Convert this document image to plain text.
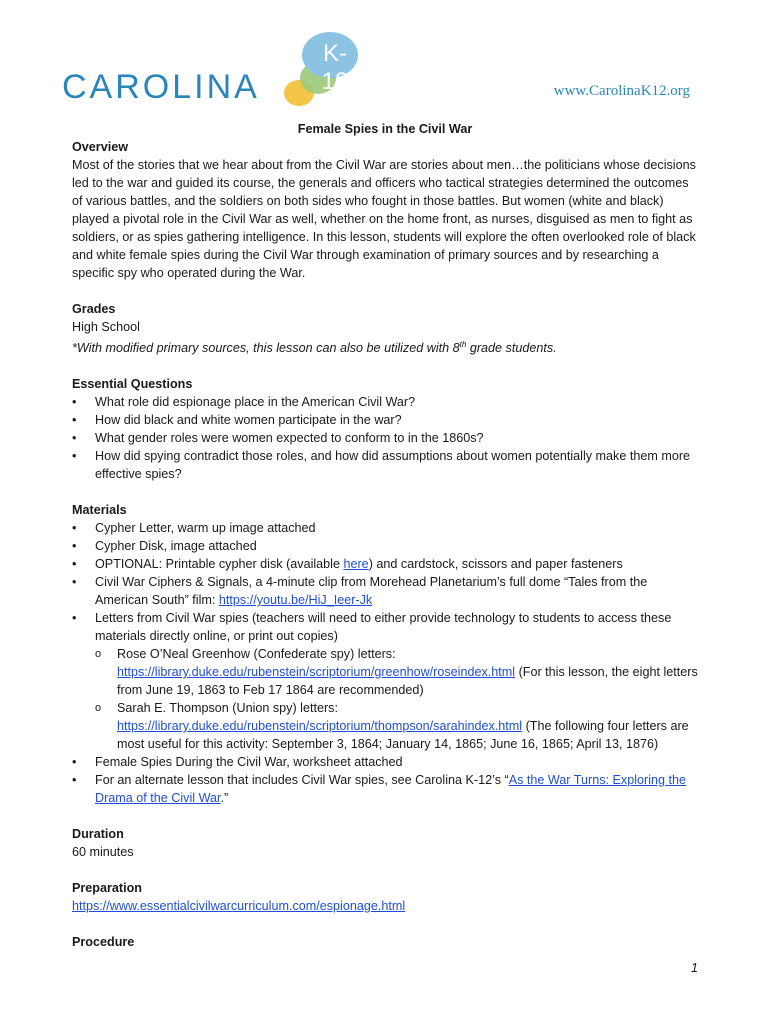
K-12
CAROLINA	www.CarolinaK12.org

Female Spies in the Civil War

Overview

Most of the stories that we hear about from the Civil War are stories about men…the politicians whose decisions led to the war and guided its course, the generals and officers who tactical strategies determined the outcomes of various battles, and the soldiers on both sides who fought in those battles. But women (white and black) played a pivotal role in the Civil War as well, whether on the home front, as nurses, disguised as men to fight as soldiers, or as spies gathering intelligence. In this lesson, students will explore the often overlooked role of black and white female spies during the Civil War through examination of primary sources and by researching a specific spy who operated during the War.

Grades

High School

*With modified primary sources, this lesson can also be utilized with 8th grade students.

Essential Questions
• What role did espionage place in the American Civil War?
• How did black and white women participate in the war?
• What gender roles were women expected to conform to in the 1860s?
• How did spying contradict those roles, and how did assumptions about women potentially make them more effective spies?
Materials
• Cypher Letter, warm up image attached
• Cypher Disk, image attached
• OPTIONAL: Printable cypher disk (available here) and cardstock, scissors and paper fasteners
• Civil War Ciphers & Signals, a 4-minute clip from Morehead Planetarium’s full dome “Tales from the American South” film: https://youtu.be/HiJ_Ieer-Jk
• Letters from Civil War spies (teachers will need to either provide technology to students to access these materials directly online, or print out copies)
o Rose O’Neal Greenhow (Confederate spy) letters: https://library.duke.edu/rubenstein/scriptorium/greenhow/roseindex.html (For this lesson, the eight letters from June 19, 1863 to Feb 17 1864 are recommended)
o Sarah E. Thompson (Union spy) letters: https://library.duke.edu/rubenstein/scriptorium/thompson/sarahindex.html (The following four letters are most useful for this activity: September 3, 1864; January 14, 1865; June 16, 1865; April 13, 1876)
• Female Spies During the Civil War, worksheet attached
• For an alternate lesson that includes Civil War spies, see Carolina K-12’s “As the War Turns: Exploring the Drama of the Civil War.”
Duration

60 minutes

Preparation

https://www.essentialcivilwarcurriculum.com/espionage.html

Procedure
1
